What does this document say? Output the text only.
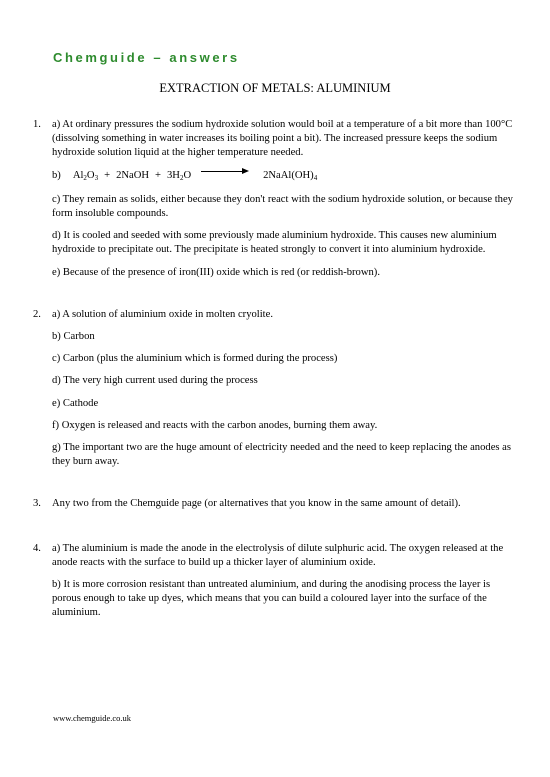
Chemguide – answers
EXTRACTION OF METALS: ALUMINIUM
1.	a) At ordinary pressures the sodium hydroxide solution would boil at a temperature of a bit more than 100°C (dissolving something in water increases its boiling point a bit). The increased pressure keeps the sodium hydroxide solution liquid at the higher temperature needed.

b) $Al_2O_3$ + 2NaOH + $3H_2O$	$2NaAl(OH)_4$

c) They remain as solids, either because they don't react with the sodium hydroxide solution, or because they form insoluble compounds.

d) It is cooled and seeded with some previously made aluminium hydroxide. This causes new aluminium hydroxide to precipitate out. The precipitate is heated strongly to convert it into aluminium hydroxide.

e) Because of the presence of iron(III) oxide which is red (or reddish-brown).

2.	a) A solution of aluminium oxide in molten cryolite.

b) Carbon

c) Carbon (plus the aluminium which is formed during the process)

d) The very high current used during the process

e) Cathode

f) Oxygen is released and reacts with the carbon anodes, burning them away.

g) The important two are the huge amount of electricity needed and the need to keep replacing the anodes as they burn away.

3.	Any two from the Chemguide page (or alternatives that you know in the same amount of detail).

4.	a) The aluminium is made the anode in the electrolysis of dilute sulphuric acid. The oxygen released at the anode reacts with the surface to build up a thicker layer of aluminium oxide.

b) It is more corrosion resistant than untreated aluminium, and during the anodising process the layer is porous enough to take up dyes, which means that you can build a coloured layer into the surface of the aluminium.

www.chemguide.co.uk
